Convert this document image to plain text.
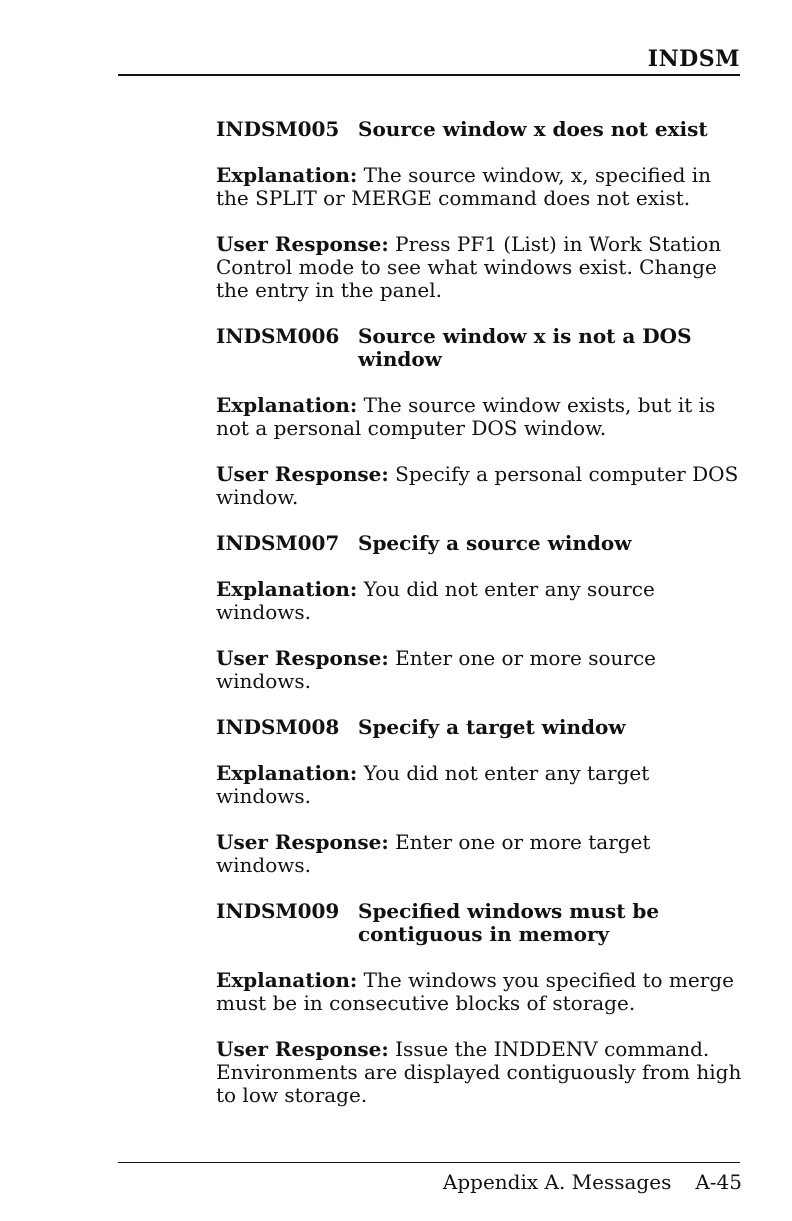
INDSM
INDSM005 Source window x does not exist

Explanation: The source window, x, specified in the SPLIT or MERGE command does not exist.

User Response: Press PF1 (List) in Work Station Control mode to see what windows exist. Change the entry in the panel.

INDSM006 Source window x is not a DOS window

Explanation: The source window exists, but it is not a personal computer DOS window.

User Response: Specify a personal computer DOS window.

INDSM007 Specify a source window

Explanation: You did not enter any source windows.

User Response: Enter one or more source windows.

INDSM008 Specify a target window

Explanation: You did not enter any target windows.

User Response: Enter one or more target windows.

INDSM009 Specified windows must be contiguous in memory

Explanation: The windows you specified to merge must be in consecutive blocks of storage.

User Response: Issue the INDDENV command. Environments are displayed contiguously from high to low storage.

Appendix A. Messages A-45
